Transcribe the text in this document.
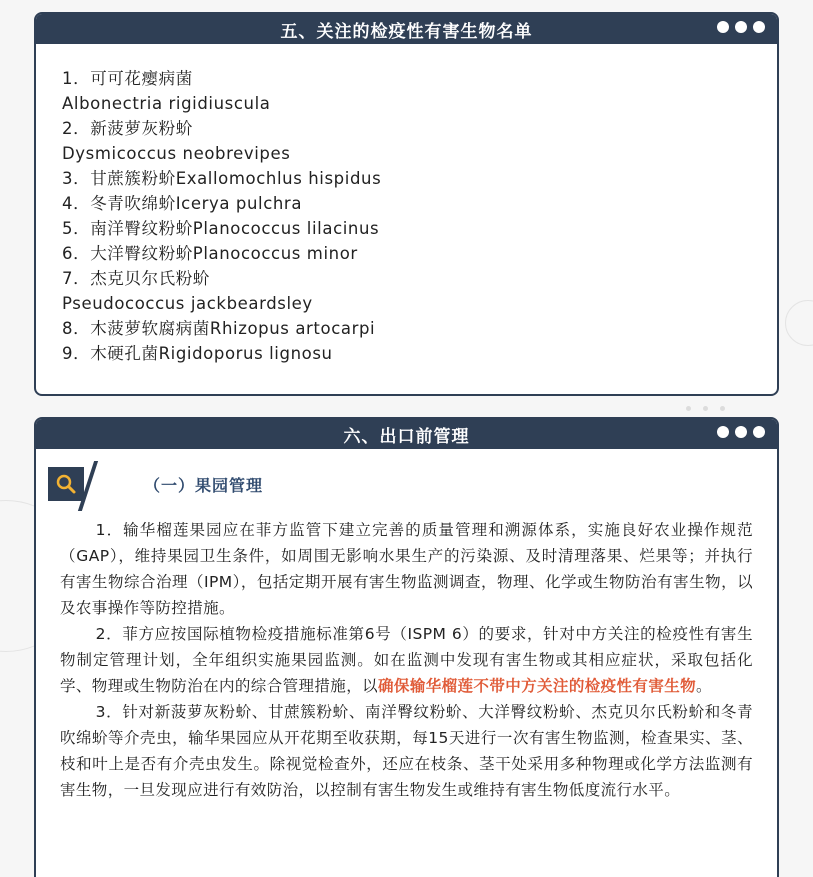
五、关注的检疫性有害生物名单
1．可可花瘿病菌
Albonectria rigidiuscula
2．新菠萝灰粉蚧
Dysmicoccus neobrevipes
3．甘蔗簇粉蚧Exallomochlus hispidus
4．冬青吹绵蚧Icerya pulchra
5．南洋臀纹粉蚧Planococcus lilacinus
6．大洋臀纹粉蚧Planococcus minor
7．杰克贝尔氏粉蚧
Pseudococcus jackbeardsley
8．木菠萝软腐病菌Rhizopus artocarpi
9．木硬孔菌Rigidoporus lignosu
六、出口前管理
（一）果园管理

1．输华榴莲果园应在菲方监管下建立完善的质量管理和溯源体系，实施良好农业操作规范（GAP），维持果园卫生条件，如周围无影响水果生产的污染源、及时清理落果、烂果等；并执行有害生物综合治理（IPM），包括定期开展有害生物监测调查，物理、化学或生物防治有害生物，以及农事操作等防控措施。

2．菲方应按国际植物检疫措施标准第6号（ISPM 6）的要求，针对中方关注的检疫性有害生物制定管理计划，全年组织实施果园监测。如在监测中发现有害生物或其相应症状，采取包括化学、物理或生物防治在内的综合管理措施，以确保输华榴莲不带中方关注的检疫性有害生物。

3．针对新菠萝灰粉蚧、甘蔗簇粉蚧、南洋臀纹粉蚧、大洋臀纹粉蚧、杰克贝尔氏粉蚧和冬青吹绵蚧等介壳虫，输华果园应从开花期至收获期，每15天进行一次有害生物监测，检查果实、茎、枝和叶上是否有介壳虫发生。除视觉检查外，还应在枝条、茎干处采用多种物理或化学方法监测有害生物，一旦发现应进行有效防治，以控制有害生物发生或维持有害生物低度流行水平。
